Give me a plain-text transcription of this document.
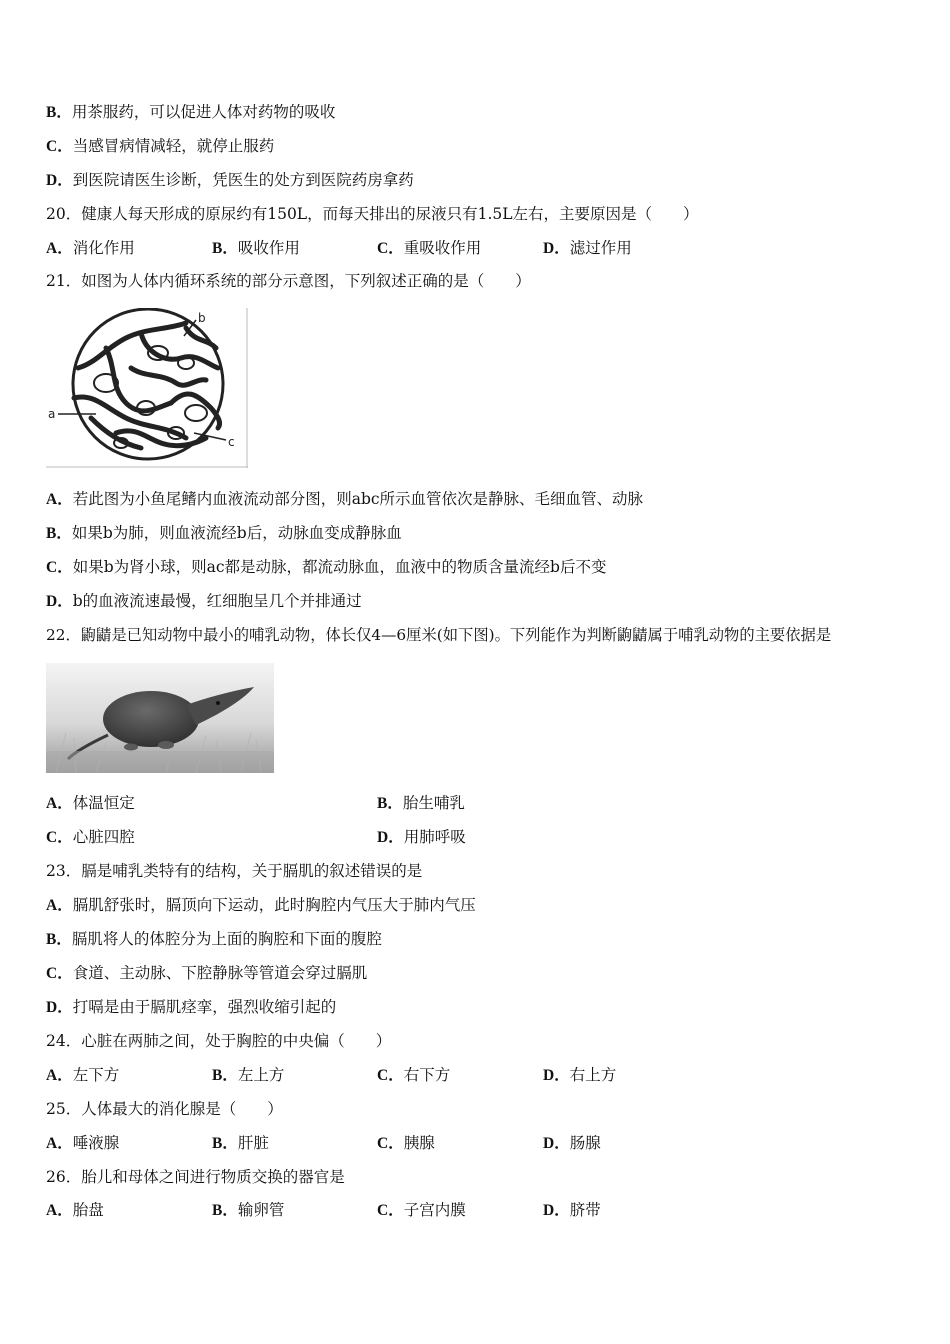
B．用茶服药，可以促进人体对药物的吸收
C．当感冒病情减轻，就停止服药
D．到医院请医生诊断，凭医生的处方到医院药房拿药
20．健康人每天形成的原尿约有150L，而每天排出的尿液只有1.5L左右，主要原因是（　　）
A．消化作用	B．吸收作用	C．重吸收作用	D．滤过作用
21．如图为人体内循环系统的部分示意图，下列叙述正确的是（　　）
a
b
c
A．若此图为小鱼尾鳍内血液流动部分图，则abc所示血管依次是静脉、毛细血管、动脉
B．如果b为肺，则血液流经b后，动脉血变成静脉血
C．如果b为肾小球，则ac都是动脉，都流动脉血，血液中的物质含量流经b后不变
D．b的血液流速最慢，红细胞呈几个并排通过
22．鼩鼱是已知动物中最小的哺乳动物，体长仅4—6厘米(如下图)。下列能作为判断鼩鼱属于哺乳动物的主要依据是
A．体温恒定	B．胎生哺乳
C．心脏四腔	D．用肺呼吸
23．膈是哺乳类特有的结构，关于膈肌的叙述错误的是
A．膈肌舒张时，膈顶向下运动，此时胸腔内气压大于肺内气压
B．膈肌将人的体腔分为上面的胸腔和下面的腹腔
C．食道、主动脉、下腔静脉等管道会穿过膈肌
D．打嗝是由于膈肌痉挛，强烈收缩引起的
24．心脏在两肺之间，处于胸腔的中央偏（　　）
A．左下方	B．左上方	C．右下方	D．右上方
25．人体最大的消化腺是（　　）
A．唾液腺	B．肝脏	C．胰腺	D．肠腺
26．胎儿和母体之间进行物质交换的器官是
A．胎盘	B．输卵管	C．子宫内膜	D．脐带
